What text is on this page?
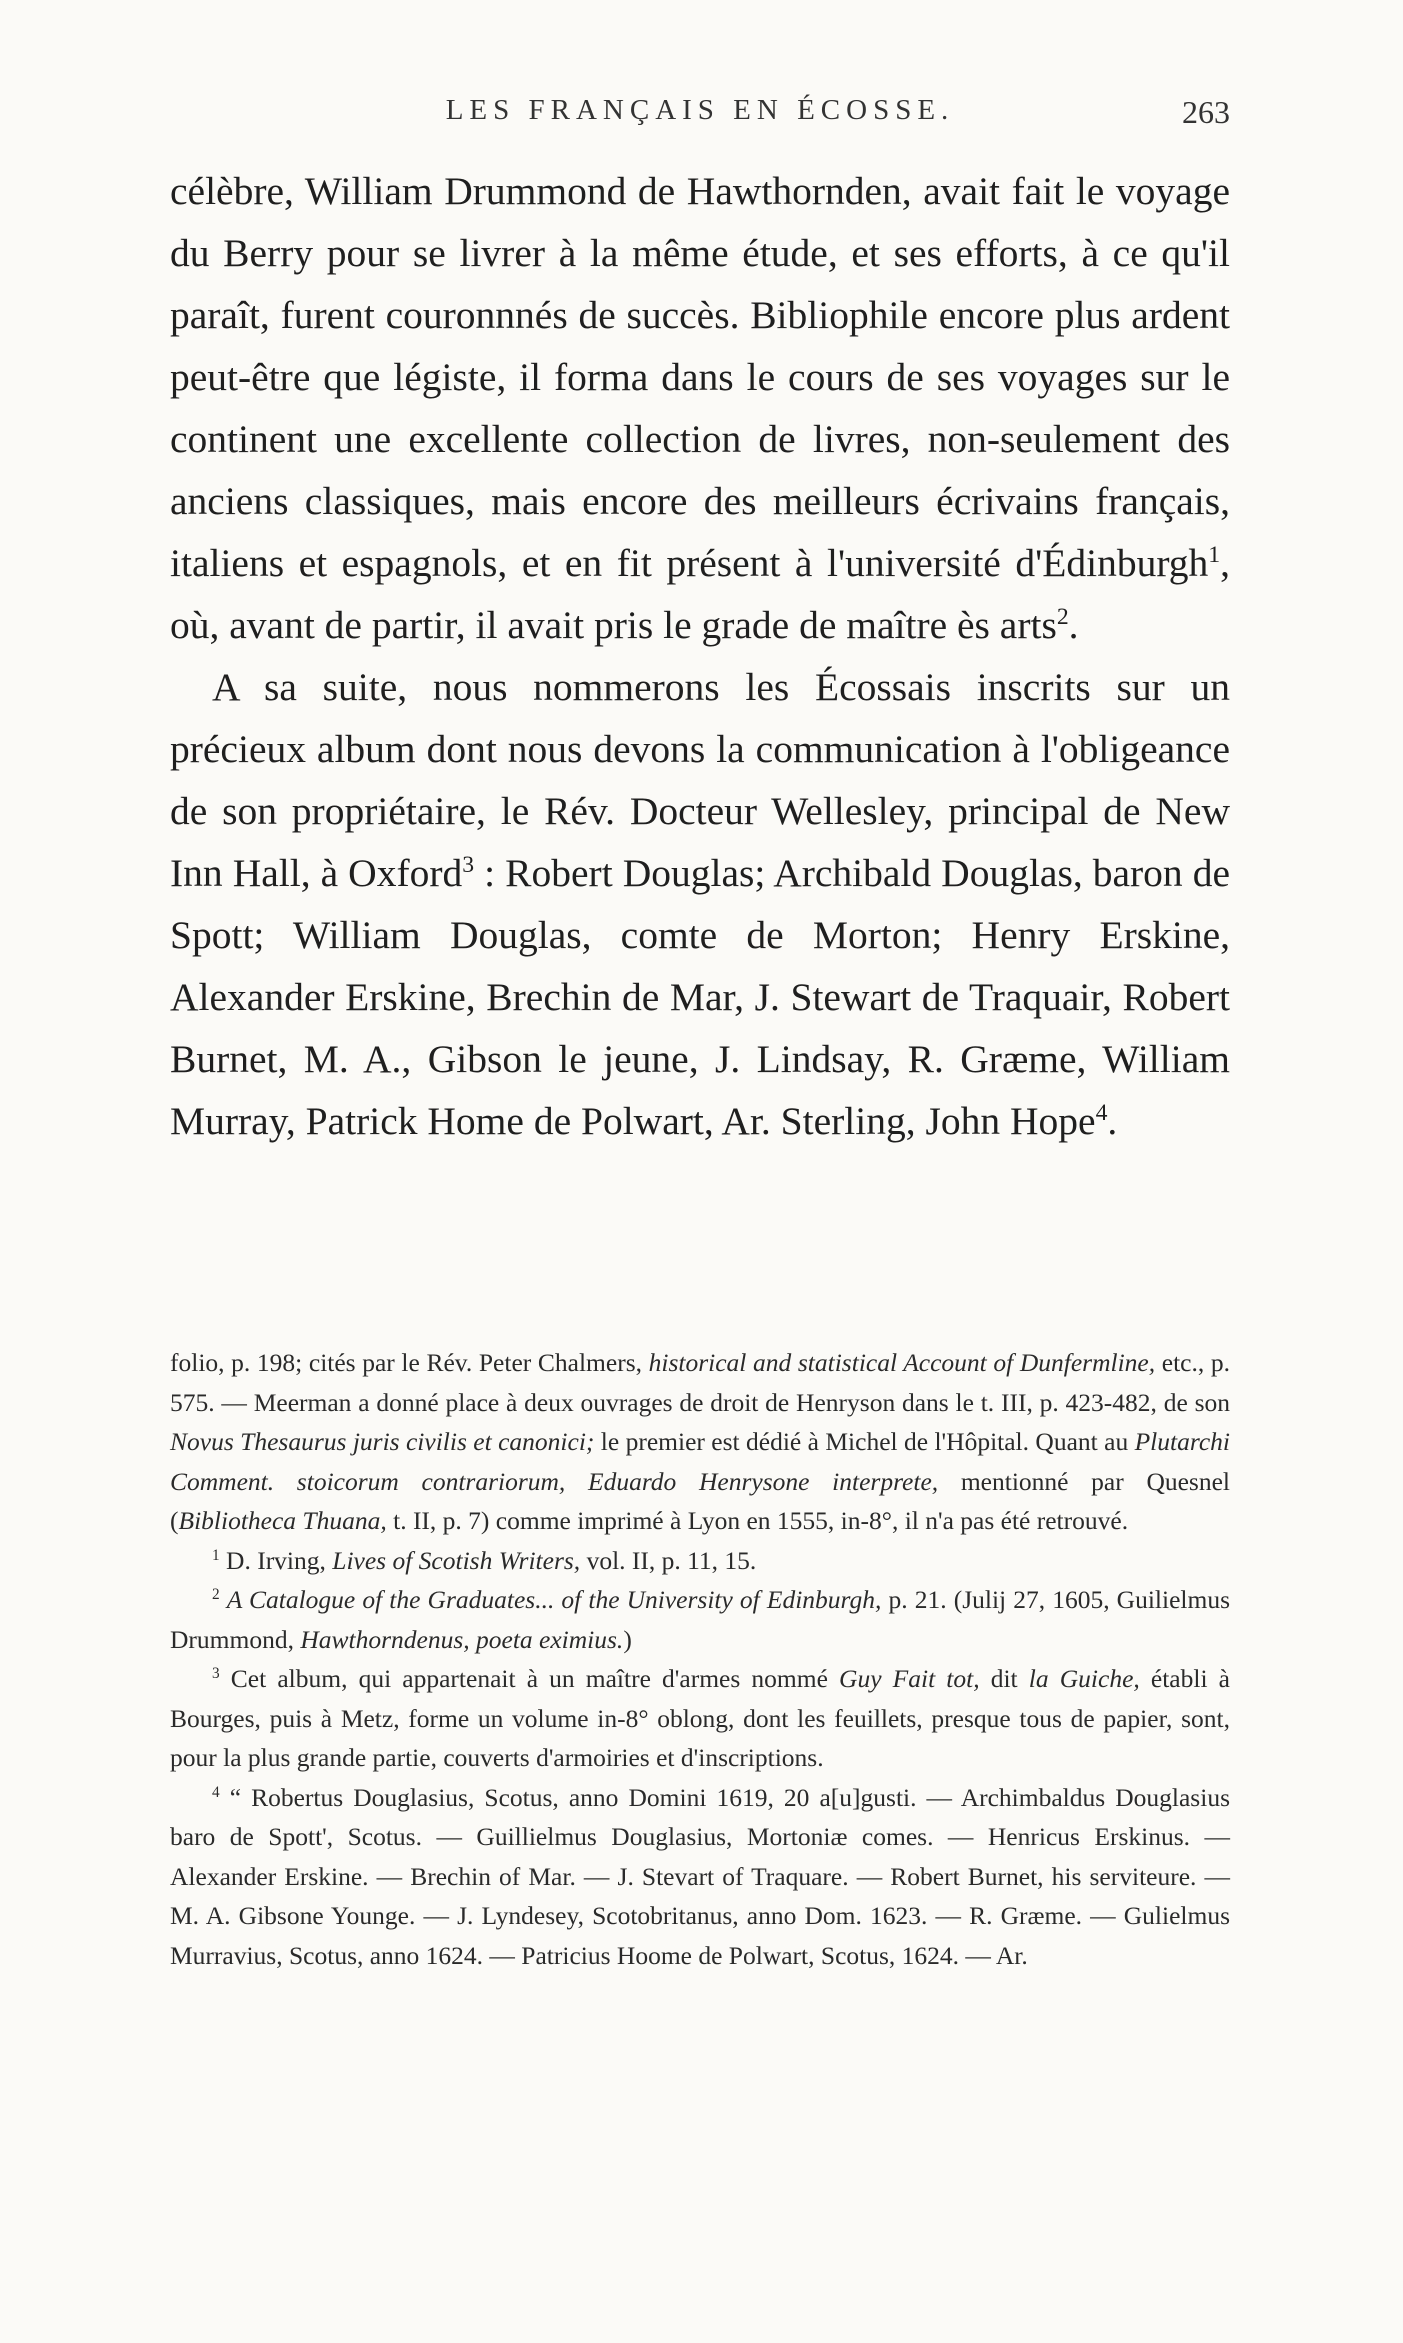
LES FRANÇAIS EN ÉCOSSE.	263

célèbre, William Drummond de Hawthornden, avait fait le voyage du Berry pour se livrer à la même étude, et ses efforts, à ce qu'il paraît, furent couronnnés de succès. Bibliophile encore plus ardent peut-être que légiste, il forma dans le cours de ses voyages sur le continent une excellente collection de livres, non-seulement des anciens classiques, mais encore des meilleurs écrivains français, italiens et espagnols, et en fit présent à l'université d'Édinburgh$^1$, où, avant de partir, il avait pris le grade de maître ès arts$^2$.

A sa suite, nous nommerons les Écossais inscrits sur un précieux album dont nous devons la communication à l'obligeance de son propriétaire, le Rév. Docteur Wellesley, principal de New Inn Hall, à Oxford$^3$ : Robert Douglas; Archibald Douglas, baron de Spott; William Douglas, comte de Morton; Henry Erskine, Alexander Erskine, Brechin de Mar, J. Stewart de Traquair, Robert Burnet, M. A., Gibson le jeune, J. Lindsay, R. Græme, William Murray, Patrick Home de Polwart, Ar. Sterling, John Hope$^4$.

folio, p. 198; cités par le Rév. Peter Chalmers, historical and statistical Account of Dunfermline, etc., p. 575. — Meerman a donné place à deux ouvrages de droit de Henryson dans le t. III, p. 423-482, de son Novus Thesaurus juris civilis et canonici; le premier est dédié à Michel de l'Hôpital. Quant au Plutarchi Comment. stoicorum contrariorum, Eduardo Henrysone interprete, mentionné par Quesnel (Bibliotheca Thuana, t. II, p. 7) comme imprimé à Lyon en 1555, in-8°, il n'a pas été retrouvé.

$^1$ D. Irving, Lives of Scotish Writers, vol. II, p. 11, 15.

$^2$ A Catalogue of the Graduates... of the University of Edinburgh, p. 21. (Julij 27, 1605, Guilielmus Drummond, Hawthorndenus, poeta eximius.)

$^3$ Cet album, qui appartenait à un maître d'armes nommé Guy Fait tot, dit la Guiche, établi à Bourges, puis à Metz, forme un volume in-8° oblong, dont les feuillets, presque tous de papier, sont, pour la plus grande partie, couverts d'armoiries et d'inscriptions.

$^4$ “ Robertus Douglasius, Scotus, anno Domini 1619, 20 a[u]gusti. — Archimbaldus Douglasius baro de Spott', Scotus. — Guillielmus Douglasius, Mortoniæ comes. — Henricus Erskinus. — Alexander Erskine. — Brechin of Mar. — J. Stevart of Traquare. — Robert Burnet, his serviteure. — M. A. Gibsone Younge. — J. Lyndesey, Scotobritanus, anno Dom. 1623. — R. Græme. — Gulielmus Murravius, Scotus, anno 1624. — Patricius Hoome de Polwart, Scotus, 1624. — Ar.
